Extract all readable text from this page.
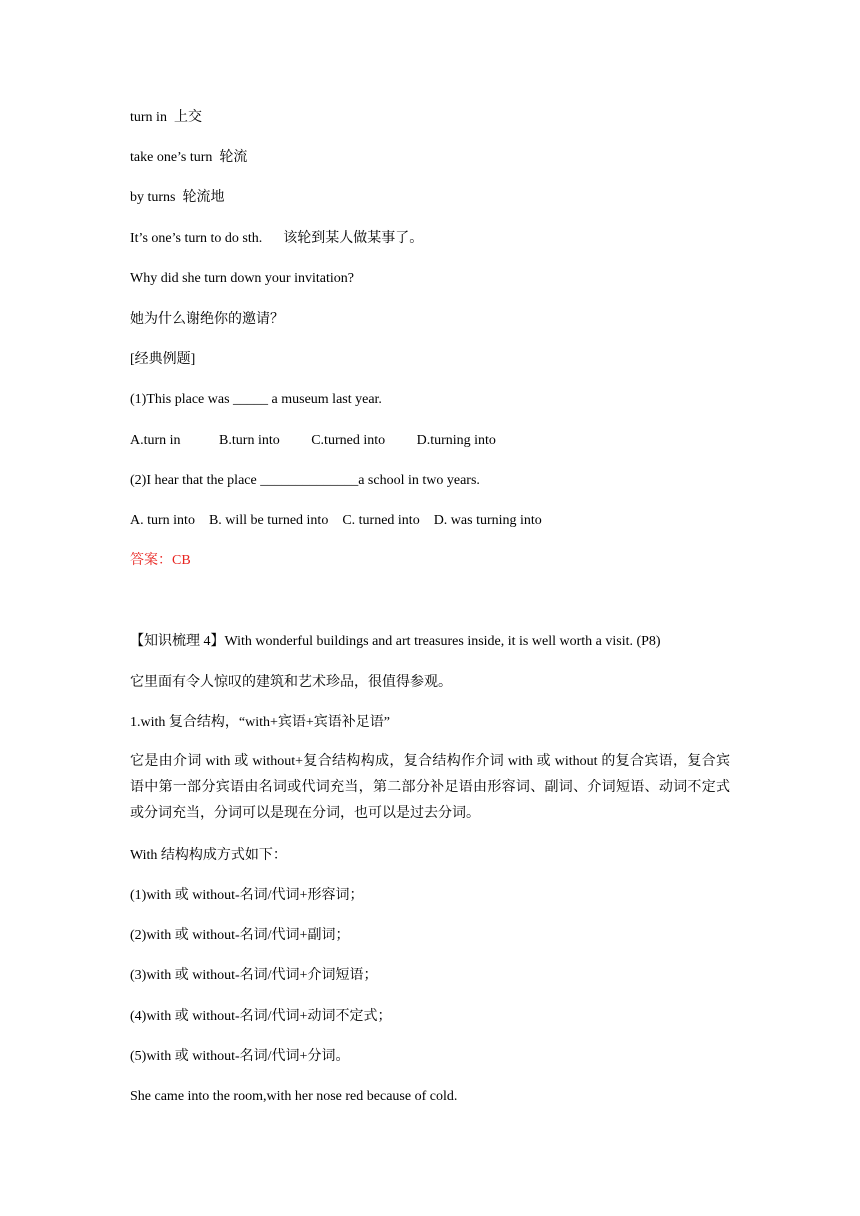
turn in  上交
take one’s turn  轮流
by turns  轮流地
It’s one’s turn to do sth.      该轮到某人做某事了。
Why did she turn down your invitation?
她为什么谢绝你的邀请？
[经典例题]
(1)This place was _____ a museum last year.
A.turn in           B.turn into         C.turned into         D.turning into
(2)I hear that the place ______________a school in two years.
A. turn into    B. will be turned into    C. turned into    D. was turning into
答案：CB
【知识梳理 4】With wonderful buildings and art treasures inside, it is well worth a visit. (P8)
它里面有令人惊叹的建筑和艺术珍品，很值得参观。
1.with 复合结构，“with+宾语+宾语补足语”
它是由介词 with 或 without+复合结构构成，复合结构作介词 with 或 without 的复合宾语，复合宾语中第一部分宾语由名词或代词充当，第二部分补足语由形容词、副词、介词短语、动词不定式或分词充当，分词可以是现在分词，也可以是过去分词。
With 结构构成方式如下：
(1)with 或 without-名词/代词+形容词；
(2)with 或 without-名词/代词+副词；
(3)with 或 without-名词/代词+介词短语；
(4)with 或 without-名词/代词+动词不定式；
(5)with 或 without-名词/代词+分词。
She came into the room,with her nose red because of cold.
